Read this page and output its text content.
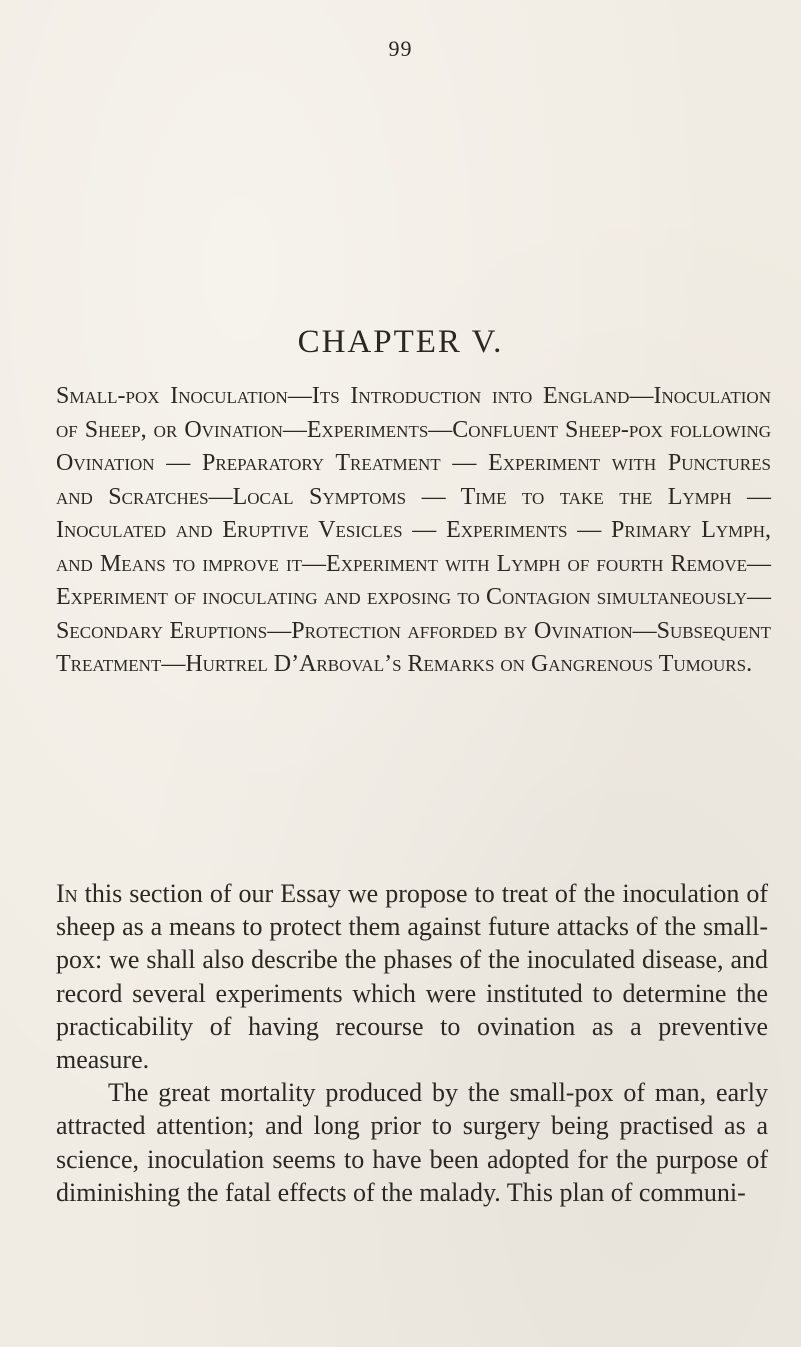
99
CHAPTER V.

Small-pox Inoculation—Its Introduction into England—Inoculation of Sheep, or Ovination—Experiments—Confluent Sheep-pox following Ovination — Preparatory Treatment — Experiment with Punctures and Scratches—Local Symptoms — Time to take the Lymph — Inoculated and Eruptive Vesicles — Experiments — Primary Lymph, and Means to improve it—Experiment with Lymph of fourth Remove—Experiment of inoculating and exposing to Contagion simultaneously—Secondary Eruptions—Protection afforded by Ovination—Subsequent Treatment—Hurtrel D’Arboval’s Remarks on Gangrenous Tumours.

In this section of our Essay we propose to treat of the inoculation of sheep as a means to protect them against future attacks of the small-pox: we shall also describe the phases of the inoculated disease, and record several experiments which were instituted to determine the practicability of having recourse to ovination as a preventive measure.

The great mortality produced by the small-pox of man, early attracted attention; and long prior to surgery being practised as a science, inoculation seems to have been adopted for the purpose of diminishing the fatal effects of the malady. This plan of communi-
